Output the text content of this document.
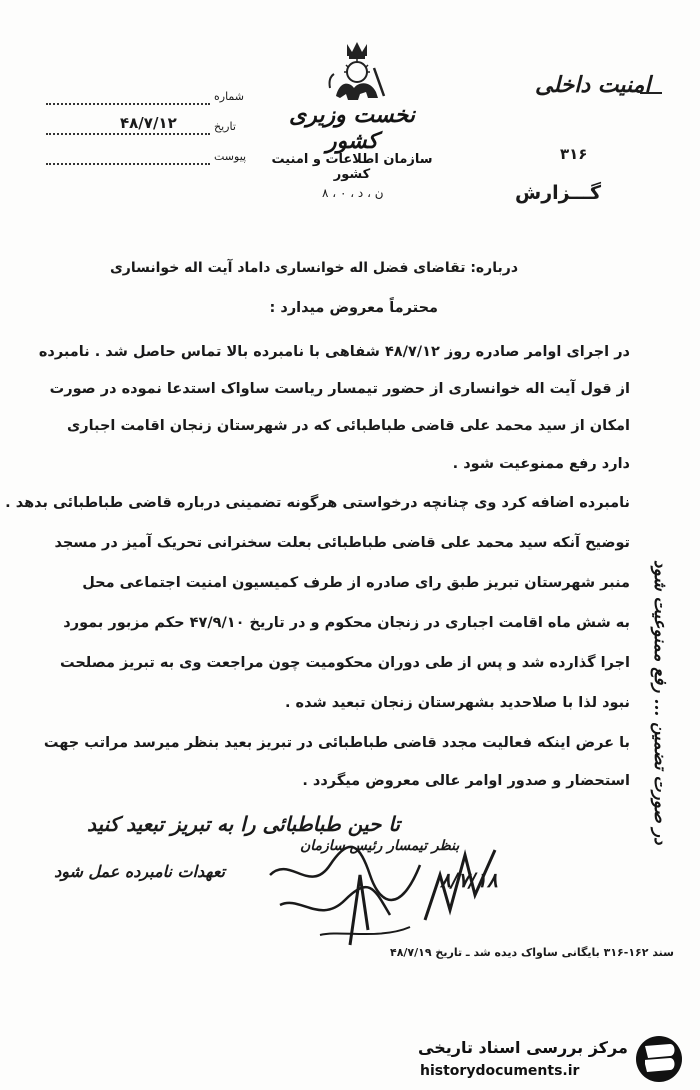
شماره
تاریخ
۴۸/۷/۱۲
پیوست
نخست وزیری کشور
سازمان اطلاعات و امنیت کشور
ن ، د ، ۰ ، ۸
امنیت داخلی
۳۱۶
گـــزارش
درباره: تقاضای فضل اله خوانساری داماد آیت اله خوانساری
محترماً معروض میدارد :
در اجرای اوامر صادره روز ۴۸/۷/۱۲ شفاهی با نامبرده بالا تماس حاصل شد . نامبرده
از قول آیت اله خوانساری از حضور تیمسار ریاست ساواک استدعا نموده در صورت
امکان از سید محمد علی قاضی طباطبائی که در شهرستان زنجان اقامت اجباری
دارد رفع ممنوعیت شود .
نامبرده اضافه کرد وی چنانچه درخواستی هرگونه تضمینی درباره قاضی طباطبائی بدهد .
توضیح آنکه سید محمد علی قاضی طباطبائی بعلت سخنرانی تحریک آمیز در مسجد
منبر شهرستان تبریز طبق رای صادره از طرف کمیسیون امنیت اجتماعی محل
به شش ماه اقامت اجباری در زنجان محکوم و در تاریخ ۴۷/۹/۱۰ حکم مزبور بمورد
اجرا گذارده شد و پس از طی دوران محکومیت چون مراجعت وی به تبریز مصلحت
نبود لذا با صلاحدید بشهرستان زنجان تبعید شده .
با عرض اینکه فعالیت مجدد قاضی طباطبائی در تبریز بعید بنظر میرسد مراتب جهت
استحضار و صدور اوامر عالی معروض میگردد . در صورت تضمین ... رفع ممنوعیت شود
تا حین طباطبائی را به تبریز تبعید کنید
تعهدات نامبرده عمل شود
بنظر تیمسار رئیس سازمان
۸/۷/۱۸
سند ۱۶۲-۳۱۶ بایگانی ساواک دیده شد ـ تاریخ ۴۸/۷/۱۹
مرکز بررسی اسناد تاریخی
historydocuments.ir
